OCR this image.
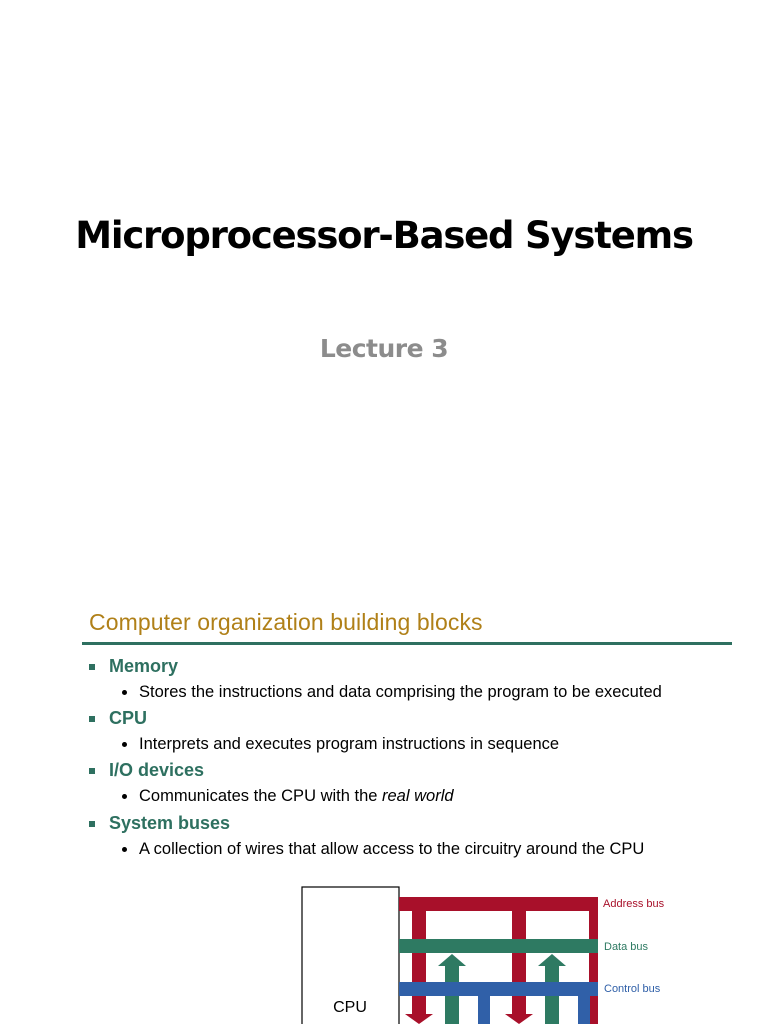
Microprocessor-Based Systems
Lecture 3
Computer organization building blocks
Memory
Stores the instructions and data comprising the program to be executed
CPU
Interprets and executes program instructions in sequence
I/O devices
Communicates the CPU with the real world
System buses
A collection of wires that allow access to the circuitry around the CPU
CPU
Address bus
Data bus
Control bus
